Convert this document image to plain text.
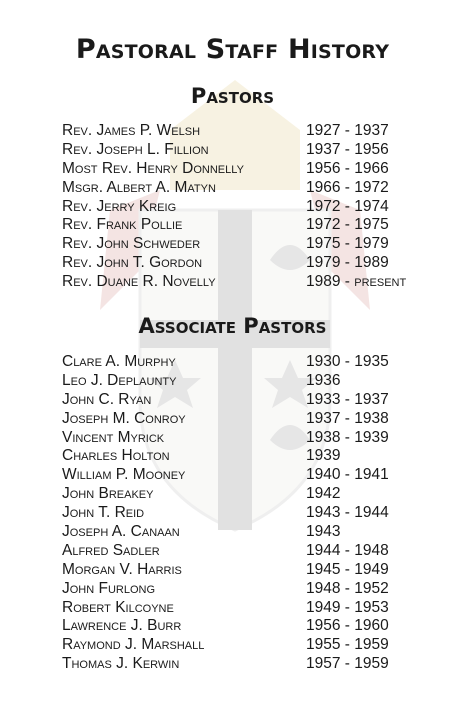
Pastoral Staff History
Pastors
Rev. James P. Welsh	1927 - 1937
Rev. Joseph L. Fillion	1937 - 1956
Most Rev. Henry Donnelly	1956 - 1966
Msgr. Albert A. Matyn	1966 - 1972
Rev. Jerry Kreig	1972 - 1974
Rev. Frank Pollie	1972 - 1975
Rev. John Schweder	1975 - 1979
Rev. John T. Gordon	1979 - 1989
Rev. Duane R. Novelly	1989 - present
Associate Pastors
Clare A. Murphy	1930 - 1935
Leo J. Deplaunty	1936
John C. Ryan	1933 - 1937
Joseph M. Conroy	1937 - 1938
Vincent Myrick	1938 - 1939
Charles Holton	1939
William P. Mooney	1940 - 1941
John Breakey	1942
John T. Reid	1943 - 1944
Joseph A. Canaan	1943
Alfred Sadler	1944 - 1948
Morgan V. Harris	1945 - 1949
John Furlong	1948 - 1952
Robert Kilcoyne	1949 - 1953
Lawrence J. Burr	1956 - 1960
Raymond J. Marshall	1955 - 1959
Thomas J. Kerwin	1957 - 1959
